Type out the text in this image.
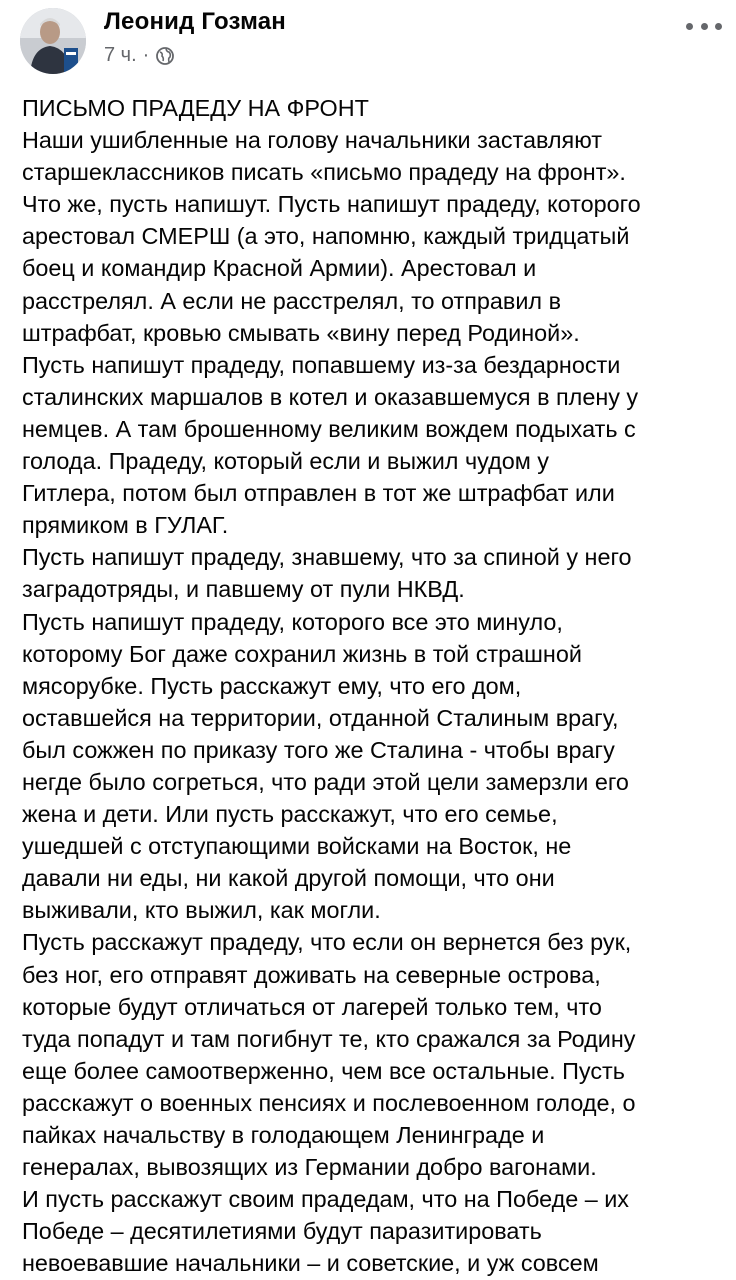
Леонид Гозман
7 ч. ·
ПИСЬМО ПРАДЕДУ НА ФРОНТ
Наши ушибленные на голову начальники заставляют
старшеклассников писать «письмо прадеду на фронт».
Что же, пусть напишут. Пусть напишут прадеду, которого
арестовал СМЕРШ (а это, напомню, каждый тридцатый
боец и командир Красной Армии). Арестовал и
расстрелял. А если не расстрелял, то отправил в
штрафбат, кровью смывать «вину перед Родиной».
Пусть напишут прадеду, попавшему из-за бездарности
сталинских маршалов в котел и оказавшемуся в плену у
немцев. А там брошенному великим вождем подыхать с
голода. Прадеду, который если и выжил чудом у
Гитлера, потом был отправлен в тот же штрафбат или
прямиком в ГУЛАГ.
Пусть напишут прадеду, знавшему, что за спиной у него
заградотряды, и павшему от пули НКВД.
Пусть напишут прадеду, которого все это минуло,
которому Бог даже сохранил жизнь в той страшной
мясорубке. Пусть расскажут ему, что его дом,
оставшейся на территории, отданной Сталиным врагу,
был сожжен по приказу того же Сталина - чтобы врагу
негде было согреться, что ради этой цели замерзли его
жена и дети. Или пусть расскажут, что его семье,
ушедшей с отступающими войсками на Восток, не
давали ни еды, ни какой другой помощи, что они
выживали, кто выжил, как могли.
Пусть расскажут прадеду, что если он вернется без рук,
без ног, его отправят доживать на северные острова,
которые будут отличаться от лагерей только тем, что
туда попадут и там погибнут те, кто сражался за Родину
еще более самоотверженно, чем все остальные. Пусть
расскажут о военных пенсиях и послевоенном голоде, о
пайках начальству в голодающем Ленинграде и
генералах, вывозящих из Германии добро вагонами.
И пусть расскажут своим прадедам, что на Победе – их
Победе – десятилетиями будут паразитировать
невоевавшие начальники – и советские, и уж совсем
